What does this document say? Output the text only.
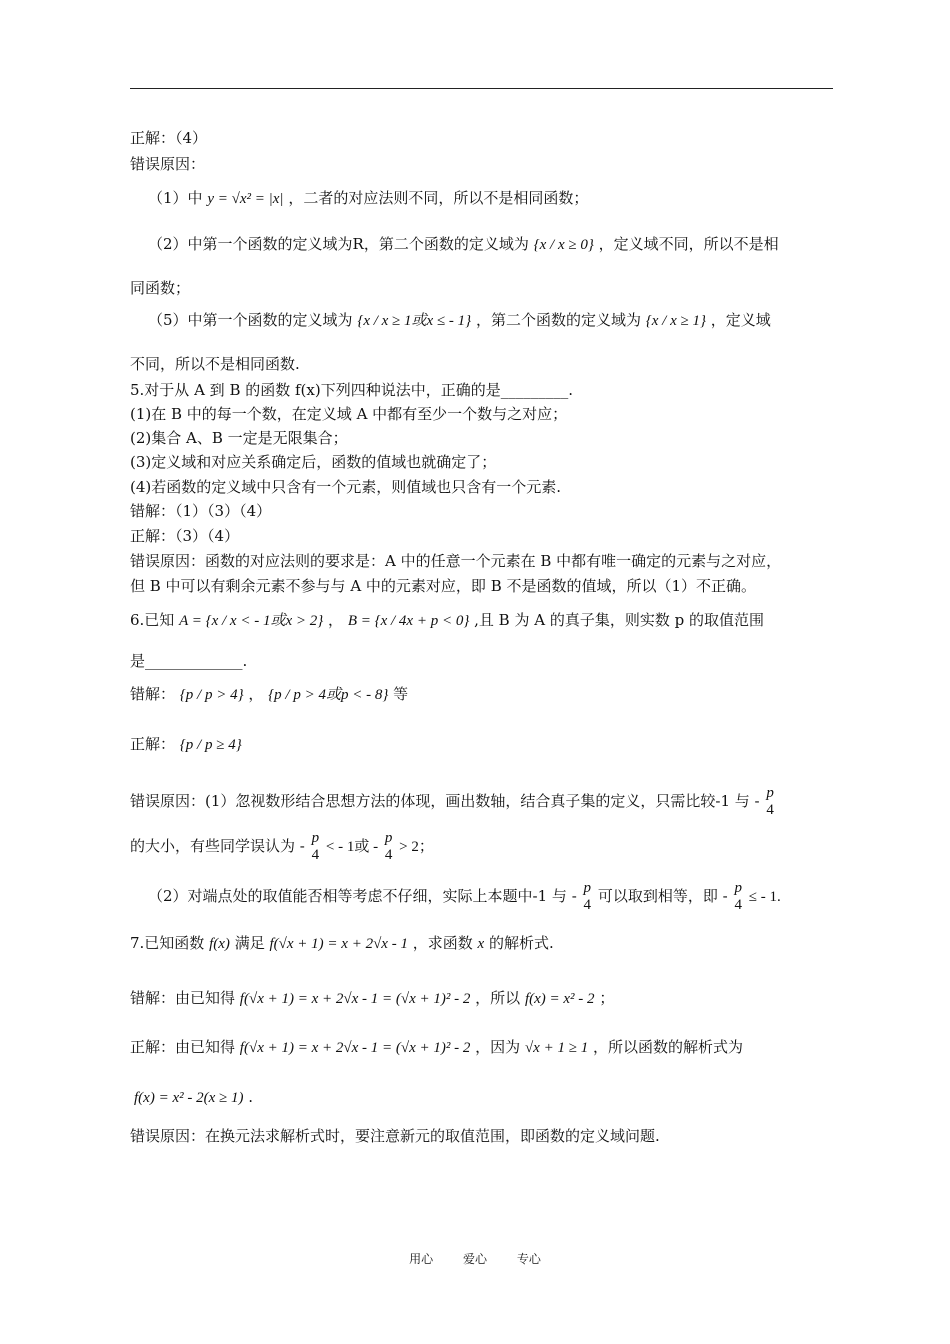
正解：（4）
错误原因：
（1）中 y = √x² = |x| ，二者的对应法则不同，所以不是相同函数；
（2）中第一个函数的定义域为R，第二个函数的定义域为 {x / x ≥ 0} ，定义域不同，所以不是相
同函数；
（5）中第一个函数的定义域为 {x / x ≥ 1或x ≤ - 1} ，第二个函数的定义域为 {x / x ≥ 1} ，定义域
不同，所以不是相同函数.
5.对于从 A 到 B 的函数 f(x)下列四种说法中，正确的是_________.
(1)在 B 中的每一个数，在定义域 A 中都有至少一个数与之对应；
(2)集合 A、B 一定是无限集合；
(3)定义域和对应关系确定后，函数的值域也就确定了；
(4)若函数的定义域中只含有一个元素，则值域也只含有一个元素.
错解：（1）（3）（4）
正解：（3）（4）
错误原因：函数的对应法则的要求是：A 中的任意一个元素在 B 中都有唯一确定的元素与之对应，
但 B 中可以有剩余元素不参与与 A 中的元素对应，即 B 不是函数的值域，所以（1）不正确。
6.已知 A = {x / x < - 1或x > 2} ， B = {x / 4x + p < 0} ,且 B 为 A 的真子集，则实数 p 的取值范围
是_____________.
错解： {p / p > 4} ， {p / p > 4或p < - 8} 等
正解： {p / p ≥ 4}
错误原因：(1）忽视数形结合思想方法的体现，画出数轴，结合真子集的定义，只需比较-1 与 - p
4
的大小，有些同学误认为 - p
4 < - 1或 -
p
4 > 2；
（2）对端点处的取值能否相等考虑不仔细，实际上本题中-1 与 - p
4 可以取到相等，即 - p
4 ≤ - 1.
7.已知函数 f(x) 满足 f(√x + 1) = x + 2√x - 1 ，求函数 x 的解析式.
错解：由已知得 f(√x + 1) = x + 2√x - 1 = (√x + 1)² - 2 ，所以 f(x) = x² - 2 ；
正解：由已知得 f(√x + 1) = x + 2√x - 1 = (√x + 1)² - 2 ，因为 √x + 1 ≥ 1 ，所以函数的解析式为
f(x) = x² - 2(x ≥ 1) .
错误原因：在换元法求解析式时，要注意新元的取值范围，即函数的定义域问题.
用心 爱心 专心
